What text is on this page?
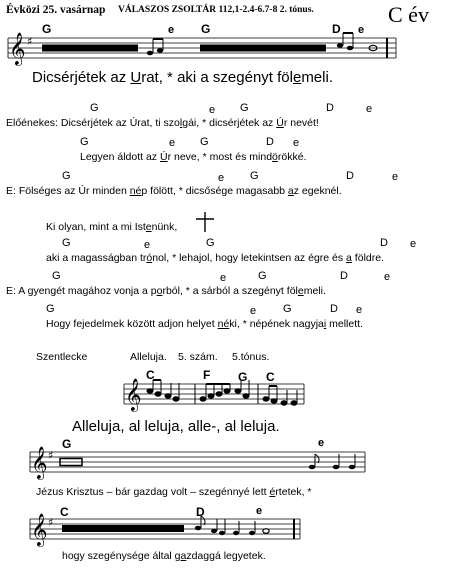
Évközi 25. vasárnap VÁLASZOS ZSOLTÁR 112,1-2.4-6.7-8 2. tónus.	C év
𝄞 ♯
𝄞
𝄞 ♯
𝄞 ♯
G	e G	D e
Dicsérjétek az Urat, * aki a szegényt fölemeli.
G	e G	D	e
Előénekes: Dicsérjétek az Úrat, ti szolgái, * dicsérjétek az Úr nevét!
G	e G	D e
Legyen áldott az Úr neve, * most és mindörökké.
G	e G	D	e
E: Fölséges az Úr minden nép fölött, * dicsősége magasabb az egeknél.
Ki olyan, mint a mi Istenünk,
G	e	G	D e
aki a magasságban trónol, * lehajol, hogy letekintsen az égre és a földre.
G	e	G	D	e
E: A gyengét magához vonja a porból, * a sárból a szegényt fölemeli.
G	e G	D e
Hogy fejedelmek között adjon helyet néki, * népének nagyjai mellett.
Szentlecke	Alleluja. 5. szám. 5.tónus.
C	F G C
Alleluja, al leluja, alle-, al leluja.
G	e
Jézus Krisztus – bár gazdag volt – szegénnyé lett értetek, *
C	D	e
hogy szegénysége által gazdaggá legyetek.
